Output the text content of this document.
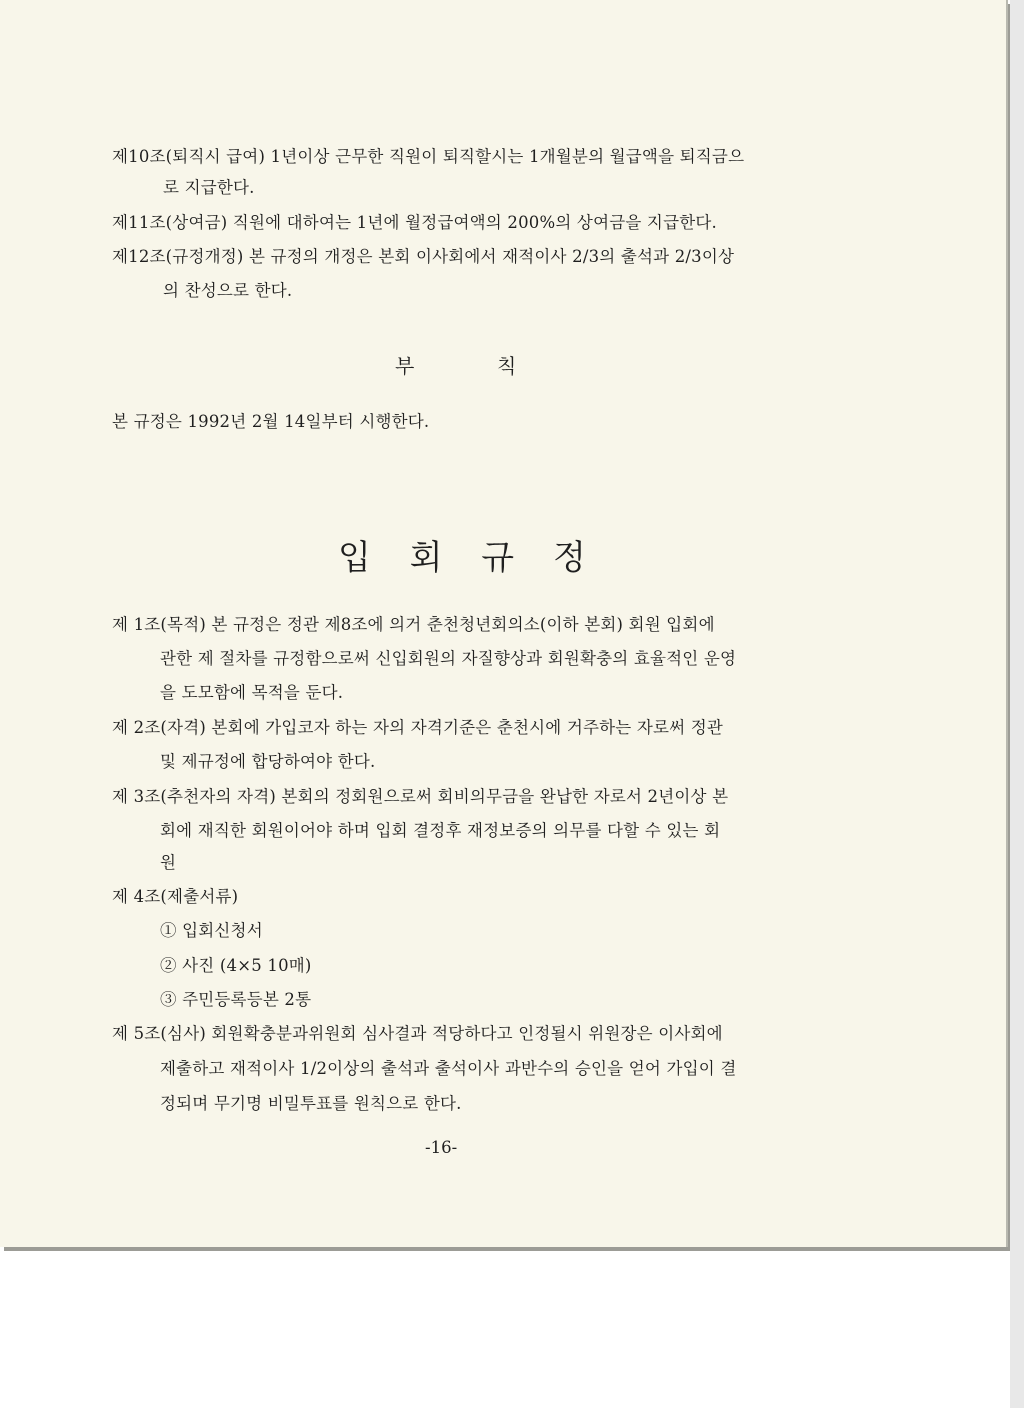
제10조(퇴직시 급여) 1년이상 근무한 직원이 퇴직할시는 1개월분의 월급액을 퇴직금으
로 지급한다.
제11조(상여금) 직원에 대하여는 1년에 월정급여액의 200%의 상여금을 지급한다.
제12조(규정개정) 본 규정의 개정은 본회 이사회에서 재적이사 2/3의 출석과 2/3이상
의 찬성으로 한다.
부	칙
본 규정은 1992년 2월 14일부터 시행한다.
입 회 규 정
제 1조(목적) 본 규정은 정관 제8조에 의거 춘천청년회의소(이하 본회) 회원 입회에
관한 제 절차를 규정함으로써 신입회원의 자질향상과 회원확충의 효율적인 운영
을 도모함에 목적을 둔다.
제 2조(자격) 본회에 가입코자 하는 자의 자격기준은 춘천시에 거주하는 자로써 정관
및 제규정에 합당하여야 한다.
제 3조(추천자의 자격) 본회의 정회원으로써 회비의무금을 완납한 자로서 2년이상 본
회에 재직한 회원이어야 하며 입회 결정후 재정보증의 의무를 다할 수 있는 회
원
제 4조(제출서류)
① 입회신청서
② 사진 (4×5 10매)
③ 주민등록등본 2통
제 5조(심사) 회원확충분과위원회 심사결과 적당하다고 인정될시 위원장은 이사회에
제출하고 재적이사 1/2이상의 출석과 출석이사 과반수의 승인을 얻어 가입이 결
정되며 무기명 비밀투표를 원칙으로 한다.
-16-
